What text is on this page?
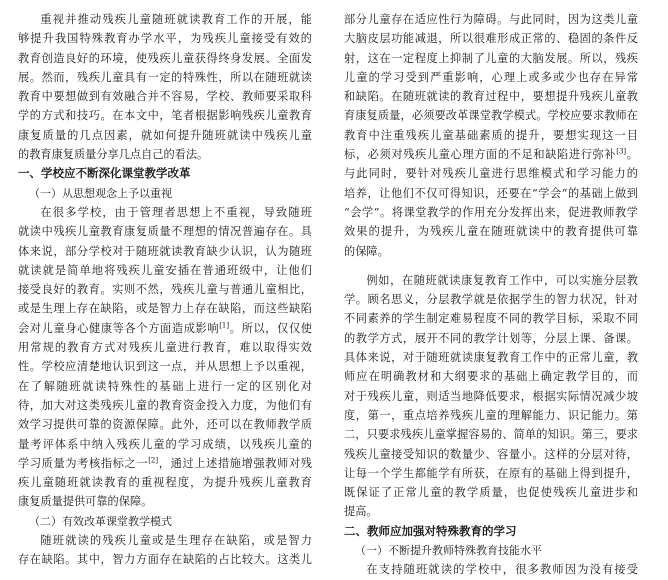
重视并推动残疾儿童随班就读教育工作的开展，能
够提升我国特殊教育办学水平，为残疾儿童接受有效的
教育创造良好的环境，使残疾儿童获得终身发展、全面发
展。然而，残疾儿童具有一定的特殊性，所以在随班就读
教育中要想做到有效融合并不容易，学校、教师要采取科
学的方式和技巧。在本文中，笔者根据影响残疾儿童教育
康复质量的几点因素，就如何提升随班就读中残疾儿童
的教育康复质量分享几点自己的看法。
一、学校应不断深化课堂教学改革
（一）从思想观念上予以重视
在很多学校，由于管理者思想上不重视，导致随班
就读中残疾儿童教育康复质量不理想的情况普遍存在。具
体来说，部分学校对于随班就读教育缺少认识，认为随班
就读就是简单地将残疾儿童安插在普通班级中，让他们
接受良好的教育。实则不然，残疾儿童与普通儿童相比，
或是生理上存在缺陷，或是智力上存在缺陷，而这些缺陷
会对儿童身心健康等各个方面造成影响[1]。所以，仅仅使
用常规的教育方式对残疾儿童进行教育，难以取得实效
性。学校应清楚地认识到这一点，并从思想上予以重视，
在了解随班就读特殊性的基础上进行一定的区别化对
待，加大对这类残疾儿童的教育资金投入力度，为他们有
效学习提供可靠的资源保障。此外，还可以在教师教学质
量考评体系中纳入残疾儿童的学习成绩，以残疾儿童的
学习质量为考核指标之一[2]，通过上述措施增强教师对残
疾儿童随班就读教育的重视程度，为提升残疾儿童教育
康复质量提供可靠的保障。
（二）有效改革课堂教学模式
随班就读的残疾儿童或是生理存在缺陷，或是智力
存在缺陷。其中，智力方面存在缺陷的占比较大。这类儿
部分儿童存在适应性行为障碍。与此同时，因为这类儿童
大脑皮层功能减退，所以很难形成正常的、稳固的条件反
射，这在一定程度上抑制了儿童的大脑发展。所以，残疾
儿童的学习受到严重影响，心理上或多或少也存在异常
和缺陷。在随班就读的教育过程中，要想提升残疾儿童教
育康复质量，必须要改革课堂教学模式。学校应要求教师在
教育中注重残疾儿童基础素质的提升，要想实现这一目
标，必须对残疾儿童心理方面的不足和缺陷进行弥补[3]。
与此同时，要针对残疾儿童进行思维模式和学习能力的
培养，让他们不仅可得知识，还要在“学会”的基础上做到
“会学”。将课堂教学的作用充分发挥出来，促进教师教学
效果的提升，为残疾儿童在随班就读中的教育提供可靠
的保障。
例如，在随班就读康复教育工作中，可以实施分层教
学。顾名思义，分层教学就是依据学生的智力状况，针对
不同素养的学生制定难易程度不同的教学目标，采取不同
的教学方式，展开不同的教学计划等，分层上课、备课。
具体来说，对于随班就读康复教育工作中的正常儿童，教
师应在明确教材和大纲要求的基础上确定教学目的，而
对于残疾儿童，则适当地降低要求，根据实际情况减少坡
度，第一，重点培养残疾儿童的理解能力、识记能力。第
二，只要求残疾儿童掌握容易的、简单的知识。第三，要求
残疾儿童接受知识的数量少、容量小。这样的分层对待，
让每一个学生都能学有所获，在原有的基础上得到提升，
既保证了正常儿童的教学质量，也促使残疾儿童进步和
提高。
二、教师应加强对特殊教育的学习
（一）不断提升教师特殊教育技能水平
在支持随班就读的学校中，很多教师因为没有接受
